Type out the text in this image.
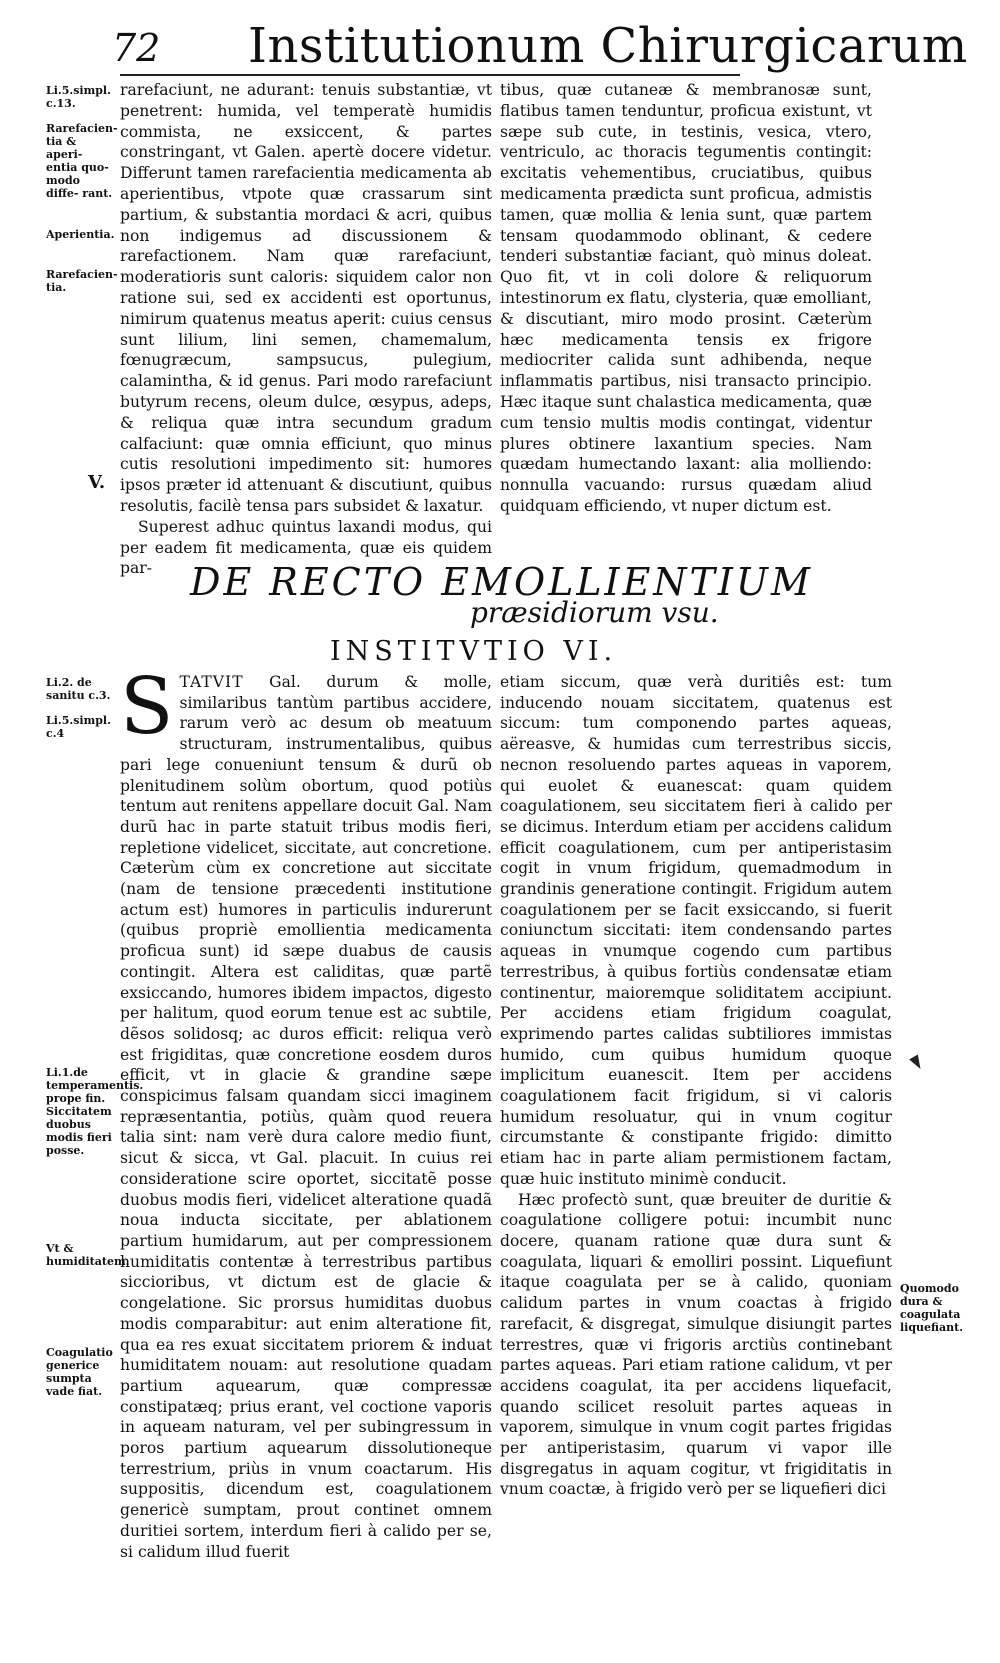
72 Institutionum Chirurgicarum
Li.5.simpl. c.13.
Rarefacien- tia & aperi- entia quo- modo diffe- rant.
Aperientia.
Rarefacien- tia.
V.

rarefaciunt, ne adurant: tenuis substantiæ, vt penetrent: humida, vel temperatè humidis commista, ne exsiccent, & partes constringant, vt Galen. apertè docere videtur. Differunt tamen rarefacientia medicamenta ab aperientibus, vtpote quæ crassarum sint partium, & substantia mordaci & acri, quibus non indigemus ad discussionem & rarefactionem. Nam quæ rarefaciunt, moderatioris sunt caloris: siquidem calor non ratione sui, sed ex accidenti est oportunus, nimirum quatenus meatus aperit: cuius census sunt lilium, lini semen, chamemalum, fœnugræcum, sampsucus, pulegium, calamintha, & id genus. Pari modo rarefaciunt butyrum recens, oleum dulce, œsypus, adeps, & reliqua quæ intra secundum gradum calfaciunt: quæ omnia efficiunt, quo minus cutis resolutioni impedimento sit: humores ipsos præter id attenuant & discutiunt, quibus resolutis, facilè tensa pars subsidet & laxatur.

Superest adhuc quintus laxandi modus, qui per eadem fit medicamenta, quæ eis quidem par-

tibus, quæ cutaneæ & membranosæ sunt, flatibus tamen tenduntur, proficua existunt, vt sæpe sub cute, in testinis, vesica, vtero, ventriculo, ac thoracis tegumentis contingit: excitatis vehementibus, cruciatibus, quibus medicamenta prædicta sunt proficua, admistis tamen, quæ mollia & lenia sunt, quæ partem tensam quodammodo oblinant, & cedere tenderi substantiæ faciant, quò minus doleat. Quo fit, vt in coli dolore & reliquorum intestinorum ex flatu, clysteria, quæ emolliant, & discutiant, miro modo prosint. Cæterùm hæc medicamenta tensis ex frigore mediocriter calida sunt adhibenda, neque inflammatis partibus, nisi transacto principio. Hæc itaque sunt chalastica medicamenta, quæ cum tensio multis modis contingat, videntur plures obtinere laxantium species. Nam quædam humectando laxant: alia molliendo: nonnulla vacuando: rursus quædam aliud quidquam efficiendo, vt nuper dictum est.

DE RECTO EMOLLIENTIUM
præsidiorum vsu.
INSTITVTIO VI.
Li.2. de sanitu c.3.
Li.5.simpl. c.4
Li.1.de temperamentis. prope fin. Siccitatem duobus modis fieri posse.
Vt & humiditatem.
Coagulatio generice sumpta vade fiat.
Quomodo dura & coagulata liquefiant.

STATVIT Gal. durum & molle, similaribus tantùm partibus accidere, rarum verò ac desum ob meatuum structuram, instrumentalibus, quibus pari lege conueniunt tensum & durũ ob plenitudinem solùm obortum, quod potiùs tentum aut renitens appellare docuit Gal. Nam durũ hac in parte statuit tribus modis fieri, repletione videlicet, siccitate, aut concretione. Cæterùm cùm ex concretione aut siccitate (nam de tensione præcedenti institutione actum est) humores in particulis indurerunt (quibus propriè emollientia medicamenta proficua sunt) id sæpe duabus de causis contingit. Altera est caliditas, quæ partẽ exsiccando, humores ibidem impactos, digesto per halitum, quod eorum tenue est ac subtile, dẽsos solidosq; ac duros efficit: reliqua verò est frigiditas, quæ concretione eosdem duros efficit, vt in glacie & grandine sæpe conspicimus falsam quandam sicci imaginem repræsentantia, potiùs, quàm quod reuera talia sint: nam verè dura calore medio fiunt, sicut & sicca, vt Gal. placuit. In cuius rei consideratione scire oportet, siccitatẽ posse duobus modis fieri, videlicet alteratione quadã noua inducta siccitate, per ablationem partium humidarum, aut per compressionem humiditatis contentæ à terrestribus partibus siccioribus, vt dictum est de glacie & congelatione. Sic prorsus humiditas duobus modis comparabitur: aut enim alteratione fit, qua ea res exuat siccitatem priorem & induat humiditatem nouam: aut resolutione quadam partium aquearum, quæ compressæ constipatæq; prius erant, vel coctione vaporis in aqueam naturam, vel per subingressum in poros partium aquearum dissolutioneque terrestrium, priùs in vnum coactarum. His suppositis, dicendum est, coagulationem genericè sumptam, prout continet omnem duritiei sortem, interdum fieri à calido per se, si calidum illud fuerit

etiam siccum, quæ verà duritiês est: tum inducendo nouam siccitatem, quatenus est siccum: tum componendo partes aqueas, aëreasve, & humidas cum terrestribus siccis, necnon resoluendo partes aqueas in vaporem, qui euolet & euanescat: quam quidem coagulationem, seu siccitatem fieri à calido per se dicimus. Interdum etiam per accidens calidum efficit coagulationem, cum per antiperistasim cogit in vnum frigidum, quemadmodum in grandinis generatione contingit. Frigidum autem coagulationem per se facit exsiccando, si fuerit coniunctum siccitati: item condensando partes aqueas in vnumque cogendo cum partibus terrestribus, à quibus fortiùs condensatæ etiam continentur, maioremque soliditatem accipiunt. Per accidens etiam frigidum coagulat, exprimendo partes calidas subtiliores immistas humido, cum quibus humidum quoque implicitum euanescit. Item per accidens coagulationem facit frigidum, si vi caloris humidum resoluatur, qui in vnum cogitur circumstante & constipante frigido: dimitto etiam hac in parte aliam permistionem factam, quæ huic instituto minimè conducit.

Hæc profectò sunt, quæ breuiter de duritie & coagulatione colligere potui: incumbit nunc docere, quanam ratione quæ dura sunt & coagulata, liquari & emolliri possint. Liquefiunt itaque coagulata per se à calido, quoniam calidum partes in vnum coactas à frigido rarefacit, & disgregat, simulque disiungit partes terrestres, quæ vi frigoris arctiùs continebant partes aqueas. Pari etiam ratione calidum, vt per accidens coagulat, ita per accidens liquefacit, quando scilicet resoluit partes aqueas in vaporem, simulque in vnum cogit partes frigidas per antiperistasim, quarum vi vapor ille disgregatus in aquam cogitur, vt frigiditatis in vnum coactæ, à frigido verò per se liquefieri dici
